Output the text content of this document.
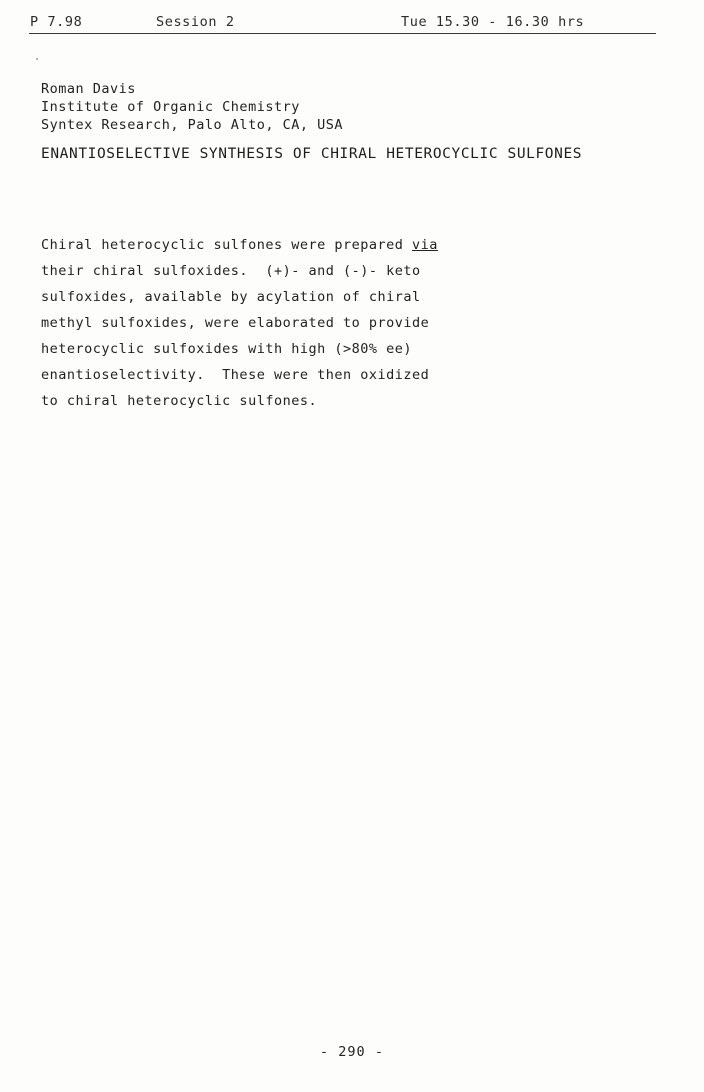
P 7.98	Session 2	Tue 15.30 - 16.30 hrs
Roman Davis
Institute of Organic Chemistry
Syntex Research, Palo Alto, CA, USA
ENANTIOSELECTIVE SYNTHESIS OF CHIRAL HETEROCYCLIC SULFONES
Chiral heterocyclic sulfones were prepared via
their chiral sulfoxides.  (+)- and (-)- keto
sulfoxides, available by acylation of chiral
methyl sulfoxides, were elaborated to provide
heterocyclic sulfoxides with high (>80% ee)
enantioselectivity.  These were then oxidized
to chiral heterocyclic sulfones.
- 290 -
